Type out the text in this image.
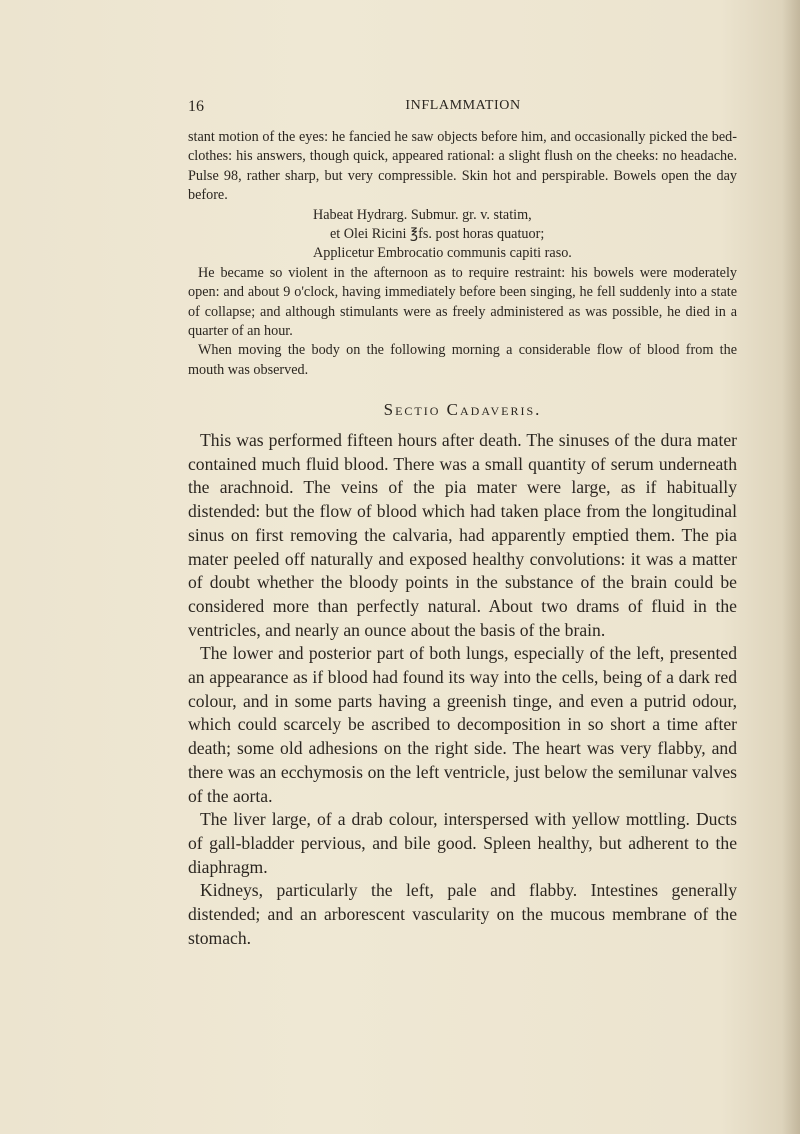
16	INFLAMMATION

stant motion of the eyes: he fancied he saw objects before him, and occasionally picked the bed-clothes: his answers, though quick, appeared rational: a slight flush on the cheeks: no headache. Pulse 98, rather sharp, but very compressible. Skin hot and perspirable. Bowels open the day before.

Habeat Hydrarg. Submur. gr. v. statim,
et Olei Ricini ℥fs. post horas quatuor;
Applicetur Embrocatio communis capiti raso.

He became so violent in the afternoon as to require restraint: his bowels were moderately open: and about 9 o'clock, having immediately before been singing, he fell suddenly into a state of collapse; and although stimulants were as freely administered as was possible, he died in a quarter of an hour.

When moving the body on the following morning a considerable flow of blood from the mouth was observed.

Sectio Cadaveris.

This was performed fifteen hours after death. The sinuses of the dura mater contained much fluid blood. There was a small quantity of serum underneath the arachnoid. The veins of the pia mater were large, as if habitually distended: but the flow of blood which had taken place from the longitudinal sinus on first removing the calvaria, had apparently emptied them. The pia mater peeled off naturally and exposed healthy convolutions: it was a matter of doubt whether the bloody points in the substance of the brain could be considered more than perfectly natural. About two drams of fluid in the ventricles, and nearly an ounce about the basis of the brain.

The lower and posterior part of both lungs, especially of the left, presented an appearance as if blood had found its way into the cells, being of a dark red colour, and in some parts having a greenish tinge, and even a putrid odour, which could scarcely be ascribed to decomposition in so short a time after death; some old adhesions on the right side. The heart was very flabby, and there was an ecchymosis on the left ventricle, just below the semilunar valves of the aorta.

The liver large, of a drab colour, interspersed with yellow mottling. Ducts of gall-bladder pervious, and bile good. Spleen healthy, but adherent to the diaphragm.

Kidneys, particularly the left, pale and flabby. Intestines generally distended; and an arborescent vascularity on the mucous membrane of the stomach.
